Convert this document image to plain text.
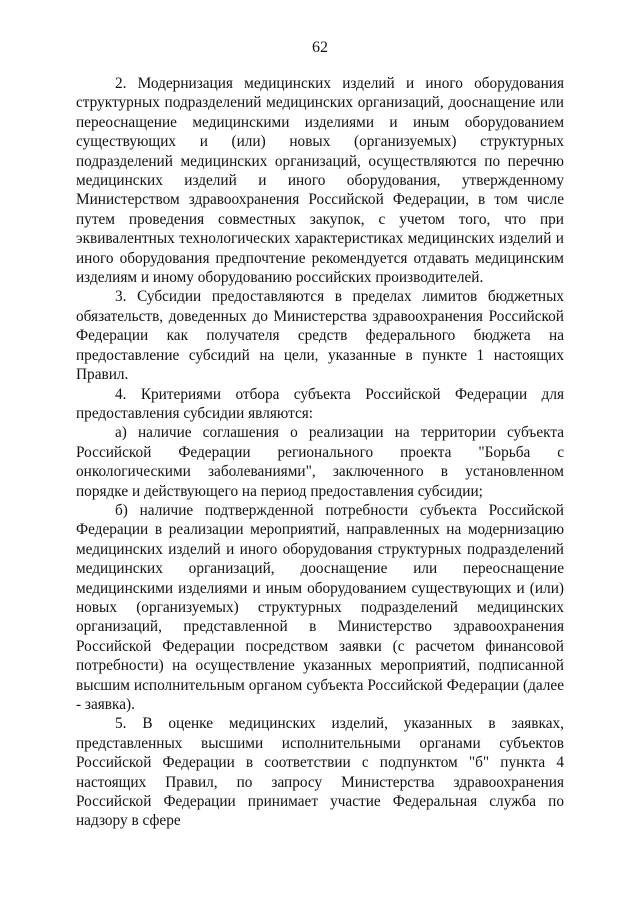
62

2. Модернизация медицинских изделий и иного оборудования структурных подразделений медицинских организаций, дооснащение или переоснащение медицинскими изделиями и иным оборудованием существующих и (или) новых (организуемых) структурных подразделений медицинских организаций, осуществляются по перечню медицинских изделий и иного оборудования, утвержденному Министерством здравоохранения Российской Федерации, в том числе путем проведения совместных закупок, с учетом того, что при эквивалентных технологических характеристиках медицинских изделий и иного оборудования предпочтение рекомендуется отдавать медицинским изделиям и иному оборудованию российских производителей.

3. Субсидии предоставляются в пределах лимитов бюджетных обязательств, доведенных до Министерства здравоохранения Российской Федерации как получателя средств федерального бюджета на предоставление субсидий на цели, указанные в пункте 1 настоящих Правил.

4. Критериями отбора субъекта Российской Федерации для предоставления субсидии являются:

а) наличие соглашения о реализации на территории субъекта Российской Федерации регионального проекта "Борьба с онкологическими заболеваниями", заключенного в установленном порядке и действующего на период предоставления субсидии;

б) наличие подтвержденной потребности субъекта Российской Федерации в реализации мероприятий, направленных на модернизацию медицинских изделий и иного оборудования структурных подразделений медицинских организаций, дооснащение или переоснащение медицинскими изделиями и иным оборудованием существующих и (или) новых (организуемых) структурных подразделений медицинских организаций, представленной в Министерство здравоохранения Российской Федерации посредством заявки (с расчетом финансовой потребности) на осуществление указанных мероприятий, подписанной высшим исполнительным органом субъекта Российской Федерации (далее - заявка).

5. В оценке медицинских изделий, указанных в заявках, представленных высшими исполнительными органами субъектов Российской Федерации в соответствии с подпунктом "б" пункта 4 настоящих Правил, по запросу Министерства здравоохранения Российской Федерации принимает участие Федеральная служба по надзору в сфере
